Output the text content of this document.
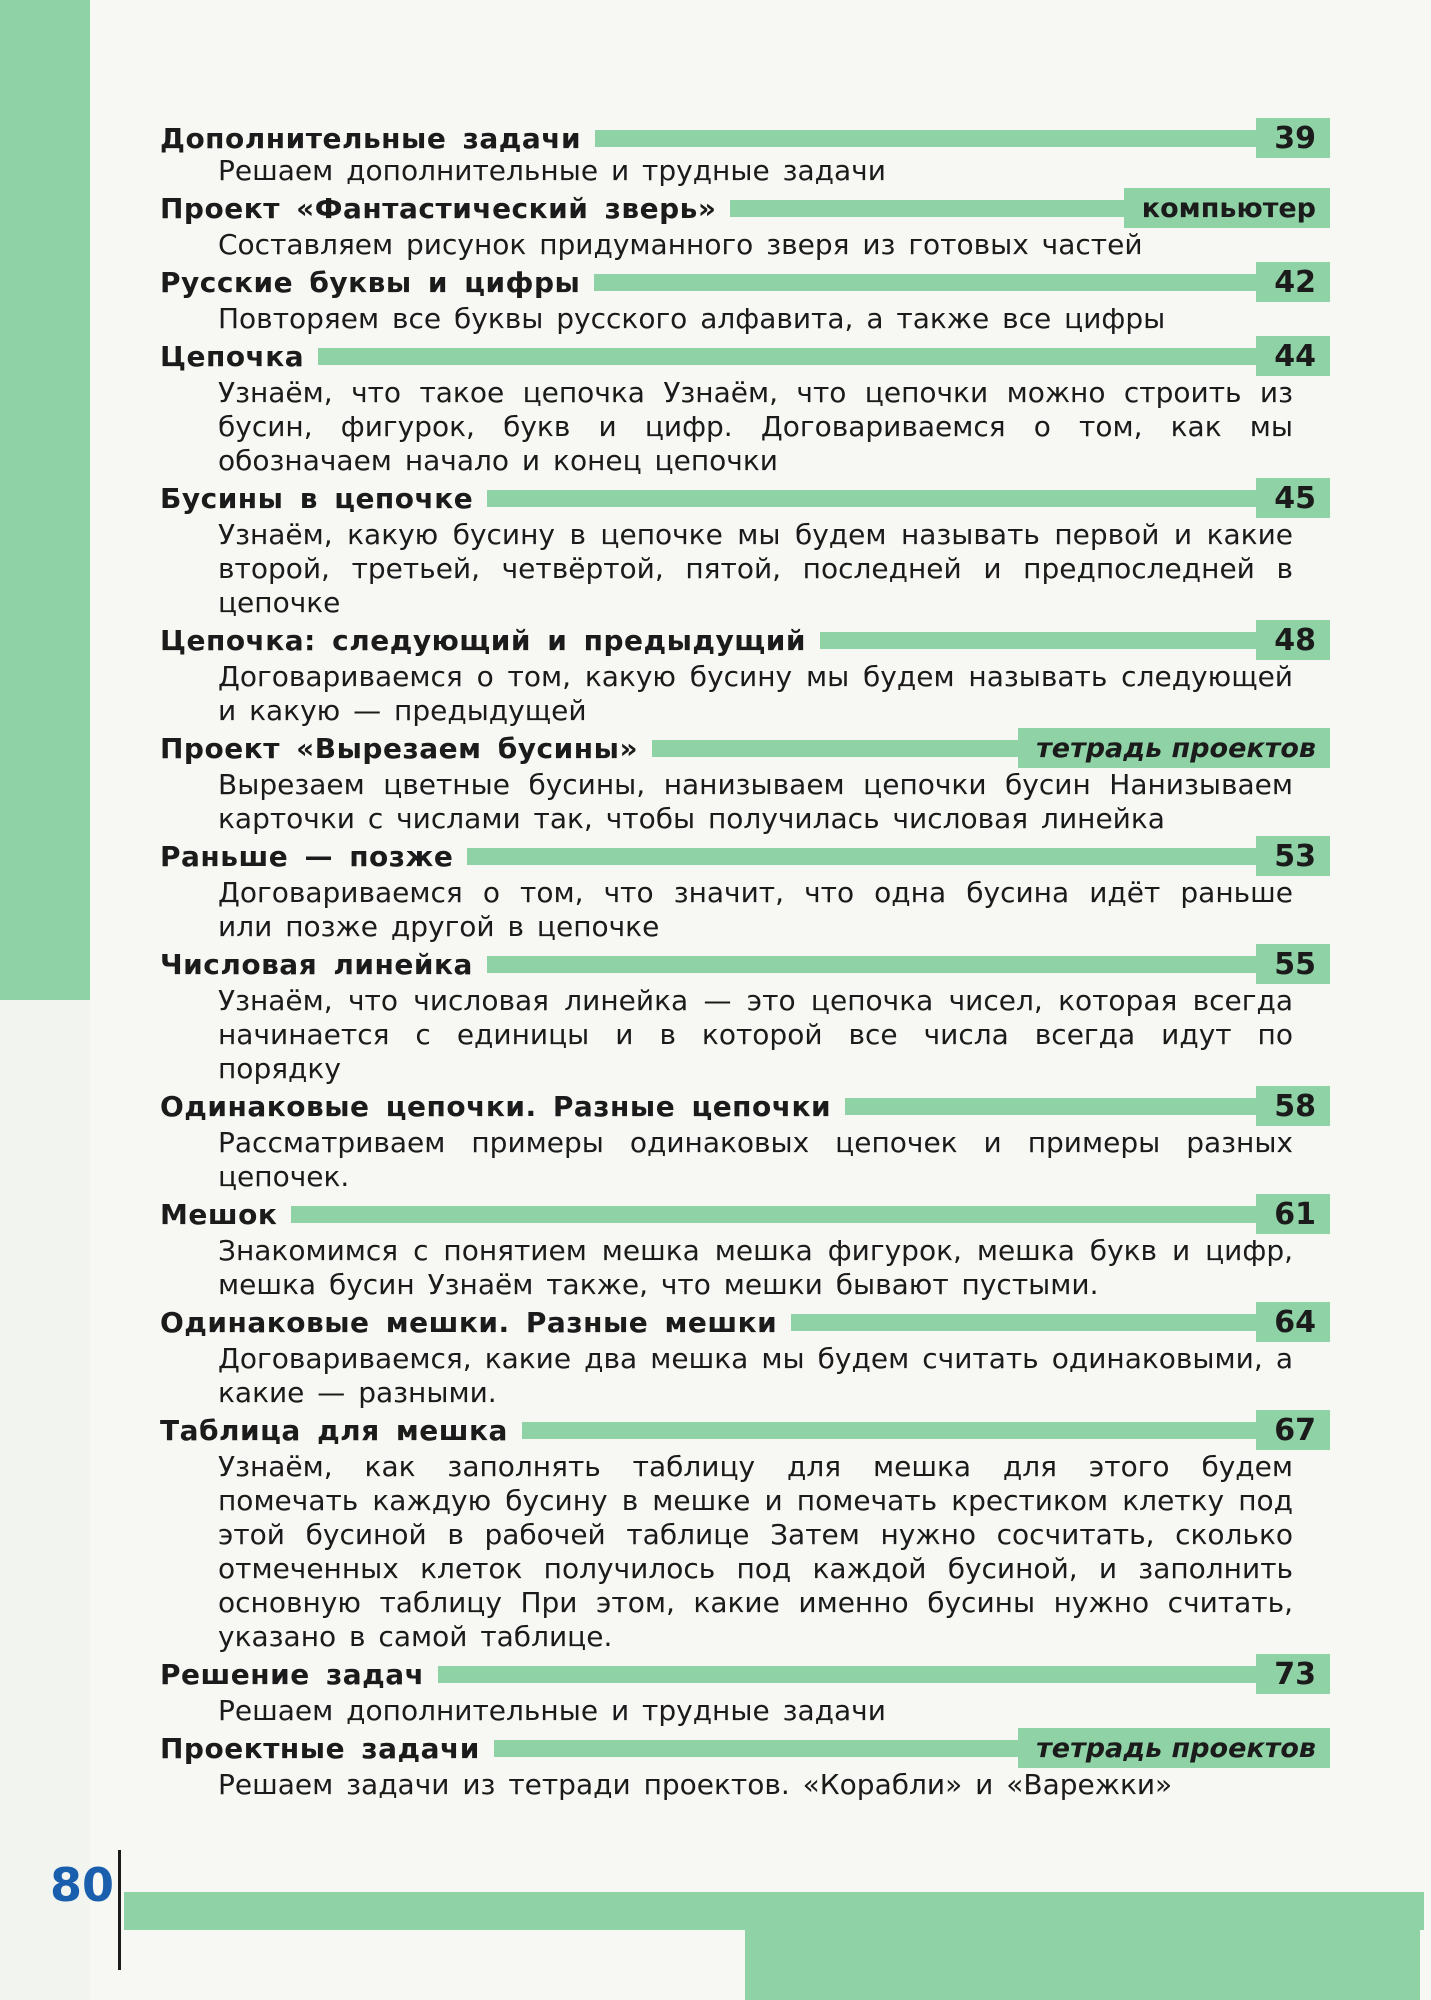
Дополнительные задачи	39

Решаем дополнительные и трудные задачи

Проект «Фантастический зверь»	компьютер

Составляем рисунок придуманного зверя из готовых частей

Русские буквы и цифры	42

Повторяем все буквы русского алфавита, а также все цифры

Цепочка	44

Узнаём, что такое цепочка Узнаём, что цепочки можно строить из бусин, фигурок, букв и цифр. Договариваемся о том, как мы обозначаем начало и конец цепочки

Бусины в цепочке	45

Узнаём, какую бусину в цепочке мы будем называть первой и какие второй, третьей, четвёртой, пятой, последней и предпоследней в цепочке

Цепочка: следующий и предыдущий	48

Договариваемся о том, какую бусину мы будем называть следующей и какую — предыдущей

Проект «Вырезаем бусины»	тетрадь проектов

Вырезаем цветные бусины, нанизываем цепочки бусин Нанизываем карточки с числами так, чтобы получилась числовая линейка

Раньше — позже	53

Договариваемся о том, что значит, что одна бусина идёт раньше или позже другой в цепочке

Числовая линейка	55

Узнаём, что числовая линейка — это цепочка чисел, которая всегда начинается с единицы и в которой все числа всегда идут по порядку

Одинаковые цепочки. Разные цепочки	58

Рассматриваем примеры одинаковых цепочек и примеры разных цепочек.

Мешок	61

Знакомимся с понятием мешка мешка фигурок, мешка букв и цифр, мешка бусин Узнаём также, что мешки бывают пустыми.

Одинаковые мешки. Разные мешки	64

Договариваемся, какие два мешка мы будем считать одинаковыми, а какие — разными.

Таблица для мешка	67

Узнаём, как заполнять таблицу для мешка для этого будем помечать каждую бусину в мешке и помечать крестиком клетку под этой бусиной в рабочей таблице Затем нужно сосчитать, сколько отмеченных клеток получилось под каждой бусиной, и заполнить основную таблицу При этом, какие именно бусины нужно считать, указано в самой таблице.

Решение задач	73

Решаем дополнительные и трудные задачи

Проектные задачи	тетрадь проектов

Решаем задачи из тетради проектов. «Корабли» и «Варежки»

80
